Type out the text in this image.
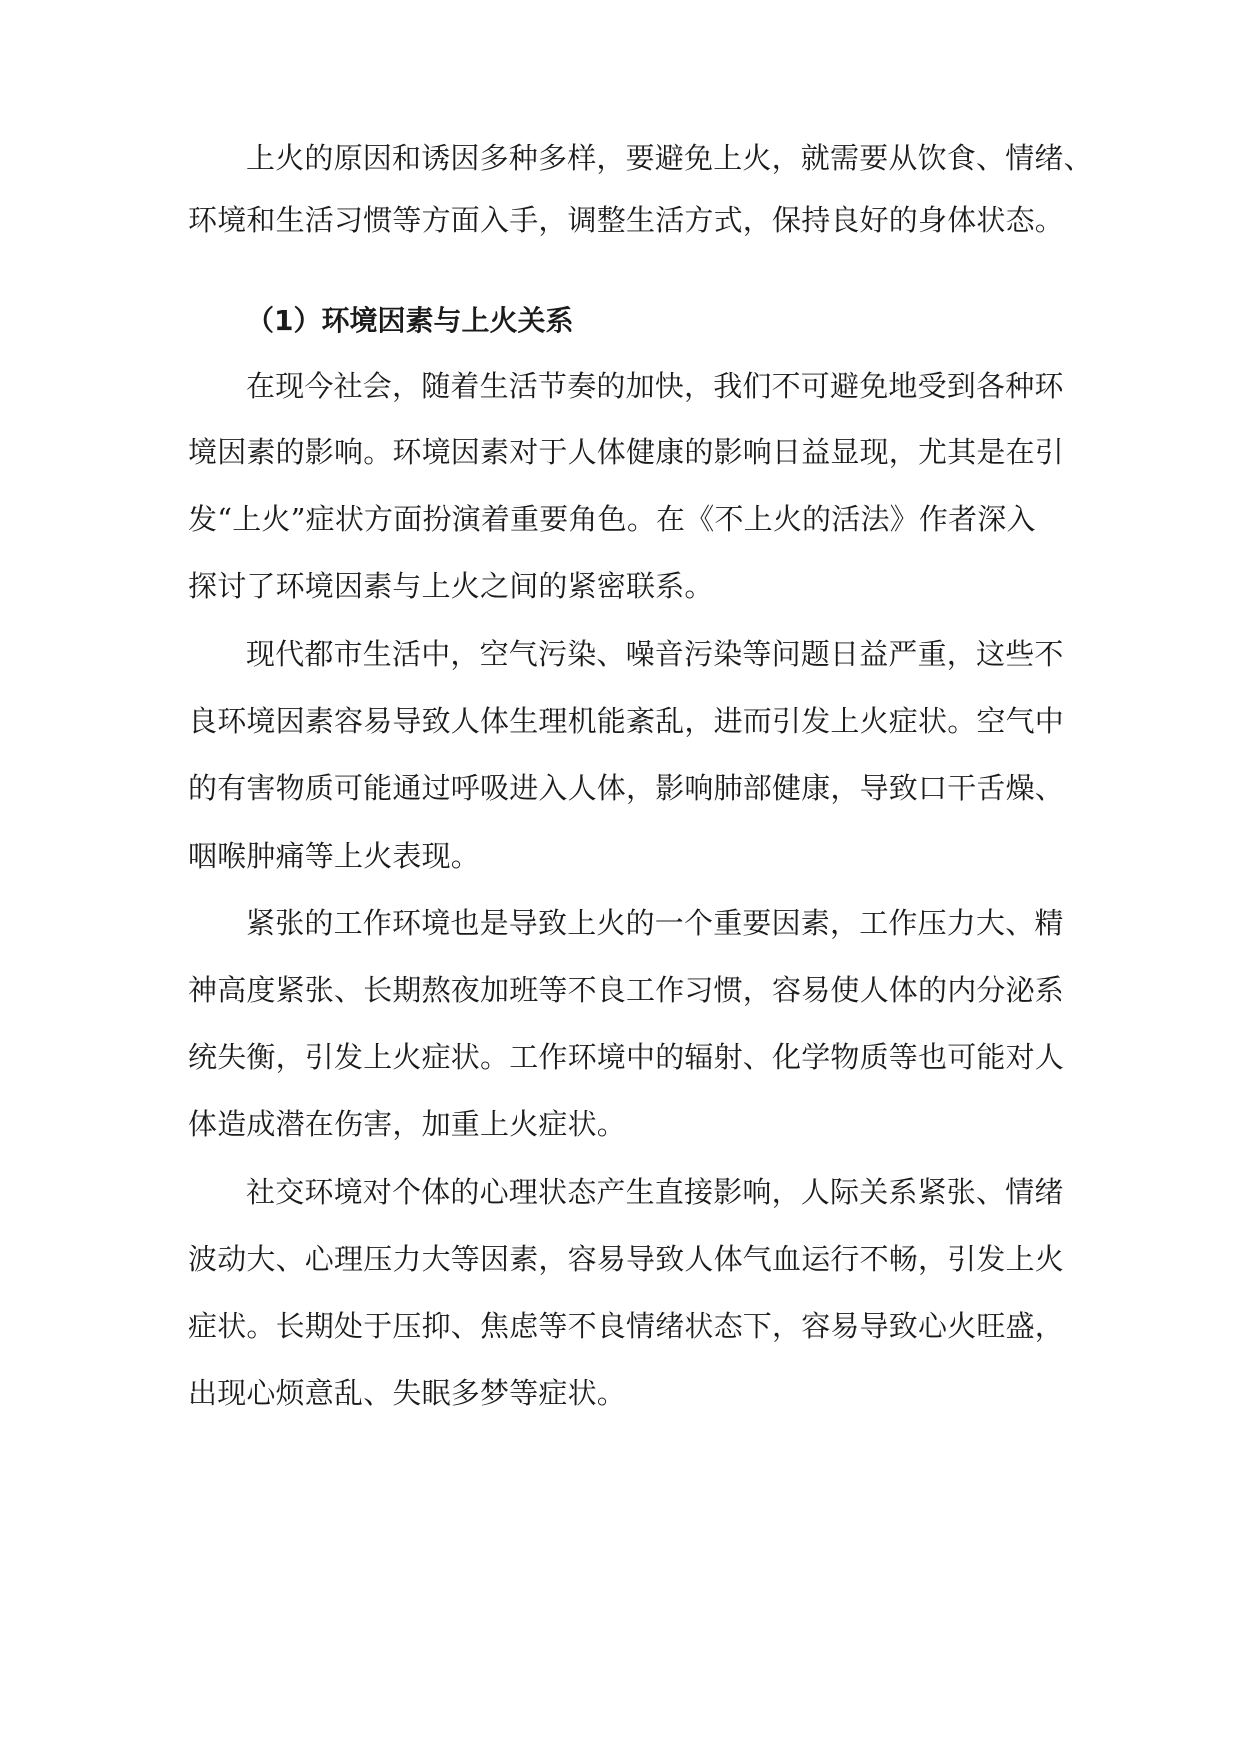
上火的原因和诱因多种多样，要避免上火，就需要从饮食、情绪、
环境和生活习惯等方面入手，调整生活方式，保持良好的身体状态。
（1）环境因素与上火关系
在现今社会，随着生活节奏的加快，我们不可避免地受到各种环
境因素的影响。环境因素对于人体健康的影响日益显现，尤其是在引
发“上火”症状方面扮演着重要角色。在《不上火的活法》作者深入
探讨了环境因素与上火之间的紧密联系。
现代都市生活中，空气污染、噪音污染等问题日益严重，这些不
良环境因素容易导致人体生理机能紊乱，进而引发上火症状。空气中
的有害物质可能通过呼吸进入人体，影响肺部健康，导致口干舌燥、
咽喉肿痛等上火表现。
紧张的工作环境也是导致上火的一个重要因素，工作压力大、精
神高度紧张、长期熬夜加班等不良工作习惯，容易使人体的内分泌系
统失衡，引发上火症状。工作环境中的辐射、化学物质等也可能对人
体造成潜在伤害，加重上火症状。
社交环境对个体的心理状态产生直接影响，人际关系紧张、情绪
波动大、心理压力大等因素，容易导致人体气血运行不畅，引发上火
症状。长期处于压抑、焦虑等不良情绪状态下，容易导致心火旺盛，
出现心烦意乱、失眠多梦等症状。
